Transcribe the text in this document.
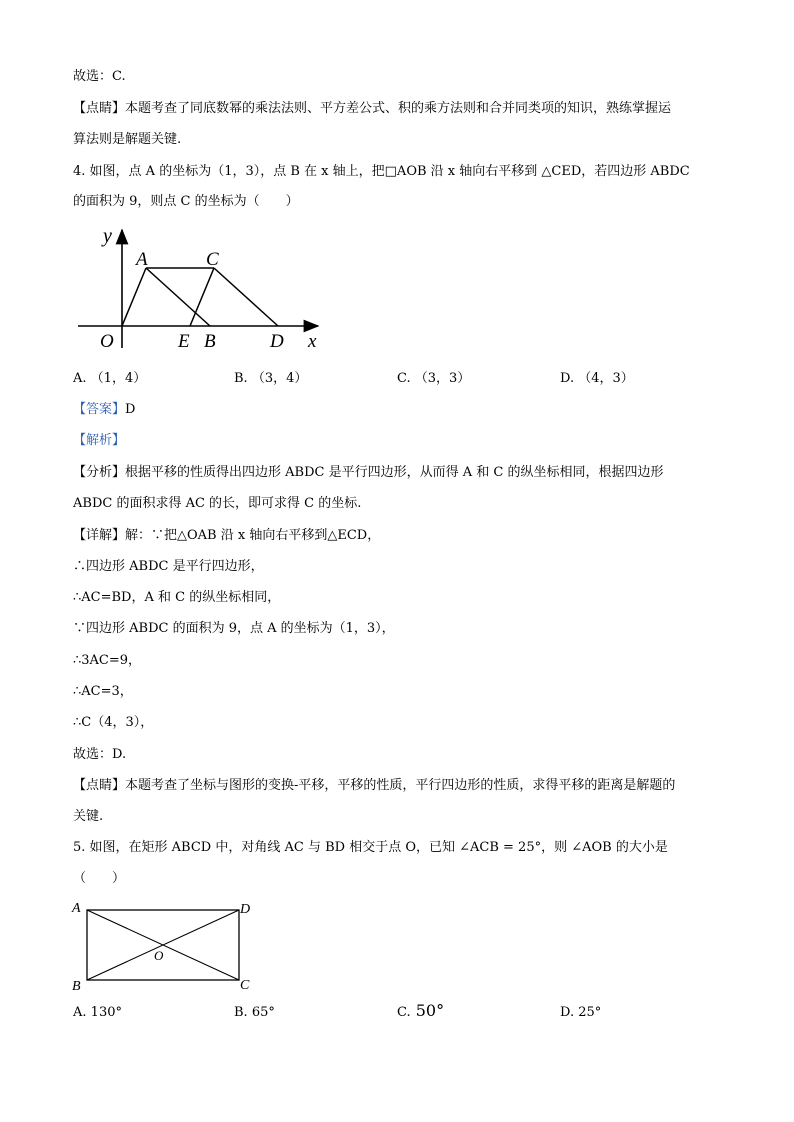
故选：C.
【点睛】本题考查了同底数幂的乘法法则、平方差公式、积的乘方法则和合并同类项的知识，熟练掌握运
算法则是解题关键.
4. 如图，点 A 的坐标为（1，3），点 B 在 x 轴上，把□AOB 沿 x 轴向右平移到 △CED，若四边形 ABDC
的面积为 9，则点 C 的坐标为（　　）
y
A	C
O	E B	D x
A. （1，4）	B. （3，4）	C. （3，3）	D. （4，3）
【答案】D
【解析】
【分析】根据平移的性质得出四边形 ABDC 是平行四边形，从而得 A 和 C 的纵坐标相同，根据四边形
ABDC 的面积求得 AC 的长，即可求得 C 的坐标.
【详解】解：∵把△OAB 沿 x 轴向右平移到△ECD，
∴四边形 ABDC 是平行四边形，
∴AC=BD，A 和 C 的纵坐标相同，
∵四边形 ABDC 的面积为 9，点 A 的坐标为（1，3），
∴3AC=9，
∴AC=3，
∴C（4，3），
故选：D.
【点睛】本题考查了坐标与图形的变换-平移，平移的性质，平行四边形的性质，求得平移的距离是解题的
关键.
5. 如图，在矩形 ABCD 中，对角线 AC 与 BD 相交于点 O，已知 ∠ACB = 25°，则 ∠AOB 的大小是
（　　）
A	D
O
B	C
A. 130°	B. 65°	C. 50°	D. 25°
